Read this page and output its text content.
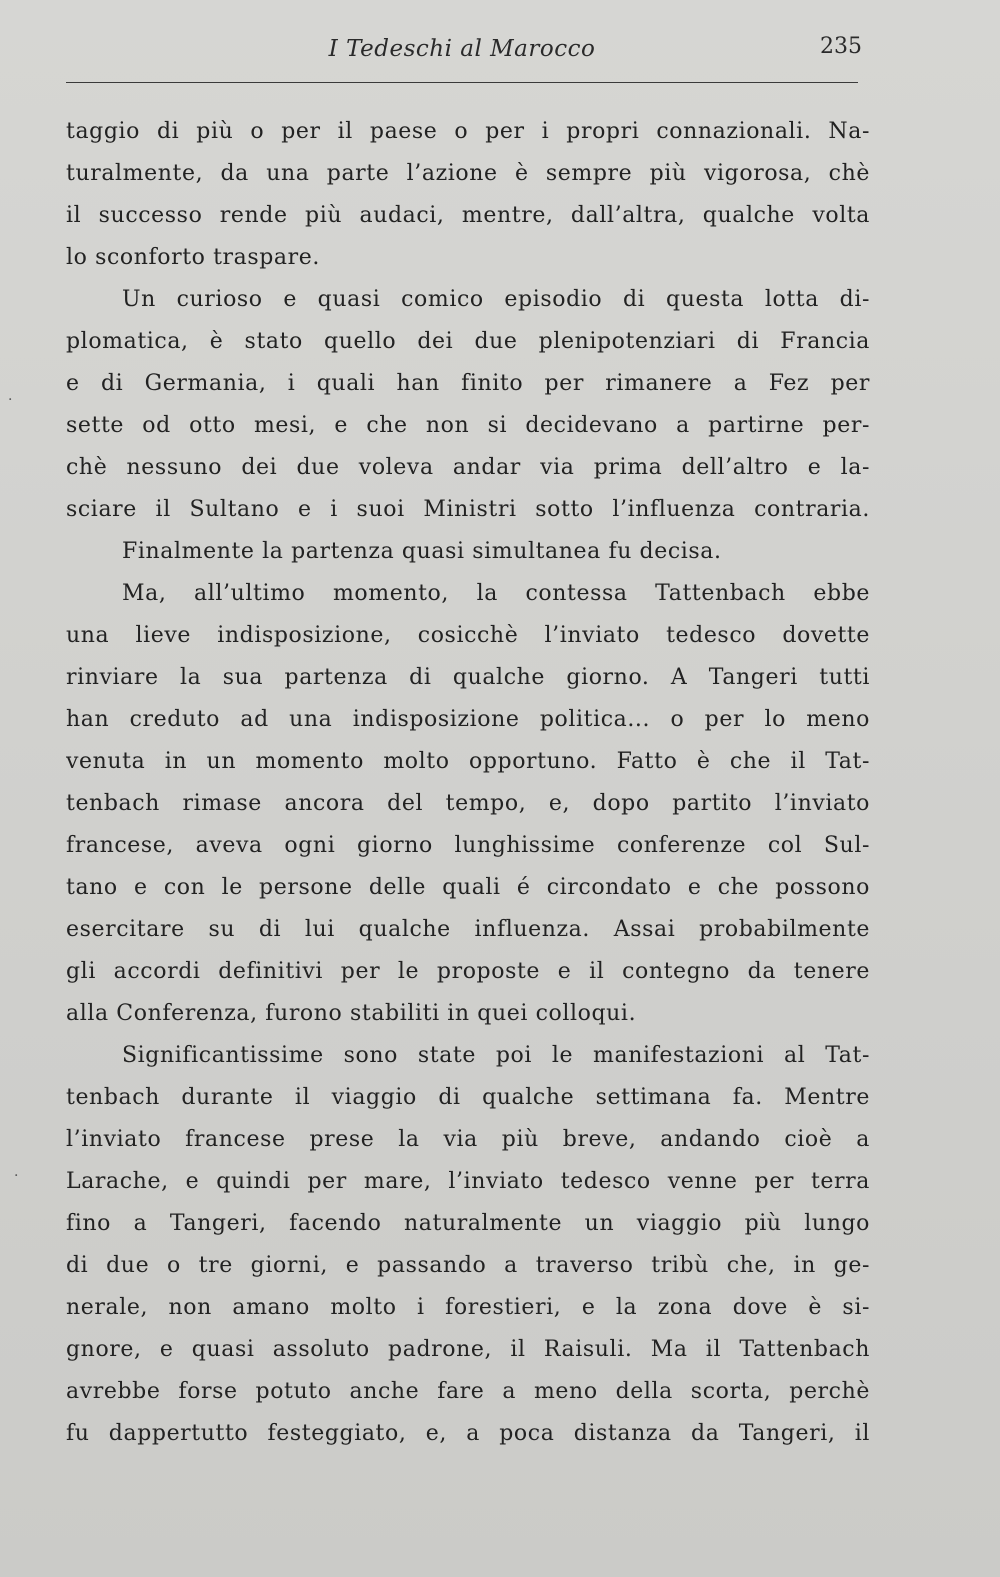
I Tedeschi al Marocco	235
taggio di più o per il paese o per i propri connazionali. Na-
turalmente, da una parte l’azione è sempre più vigorosa, chè
il successo rende più audaci, mentre, dall’altra, qualche volta
lo sconforto traspare.
Un curioso e quasi comico episodio di questa lotta di-
plomatica, è stato quello dei due plenipotenziari di Francia
e di Germania, i quali han finito per rimanere a Fez per
sette od otto mesi, e che non si decidevano a partirne per-
chè nessuno dei due voleva andar via prima dell’altro e la-
sciare il Sultano e i suoi Ministri sotto l’influenza contraria.
Finalmente la partenza quasi simultanea fu decisa.
Ma, all’ultimo momento, la contessa Tattenbach ebbe
una lieve indisposizione, cosicchè l’inviato tedesco dovette
rinviare la sua partenza di qualche giorno. A Tangeri tutti
han creduto ad una indisposizione politica... o per lo meno
venuta in un momento molto opportuno. Fatto è che il Tat-
tenbach rimase ancora del tempo, e, dopo partito l’inviato
francese, aveva ogni giorno lunghissime conferenze col Sul-
tano e con le persone delle quali é circondato e che possono
esercitare su di lui qualche influenza. Assai probabilmente
gli accordi definitivi per le proposte e il contegno da tenere
alla Conferenza, furono stabiliti in quei colloqui.
Significantissime sono state poi le manifestazioni al Tat-
tenbach durante il viaggio di qualche settimana fa. Mentre
l’inviato francese prese la via più breve, andando cioè a
Larache, e quindi per mare, l’inviato tedesco venne per terra
fino a Tangeri, facendo naturalmente un viaggio più lungo
di due o tre giorni, e passando a traverso tribù che, in ge-
nerale, non amano molto i forestieri, e la zona dove è si-
gnore, e quasi assoluto padrone, il Raisuli. Ma il Tattenbach
avrebbe forse potuto anche fare a meno della scorta, perchè
fu dappertutto festeggiato, e, a poca distanza da Tangeri, il
·
·
